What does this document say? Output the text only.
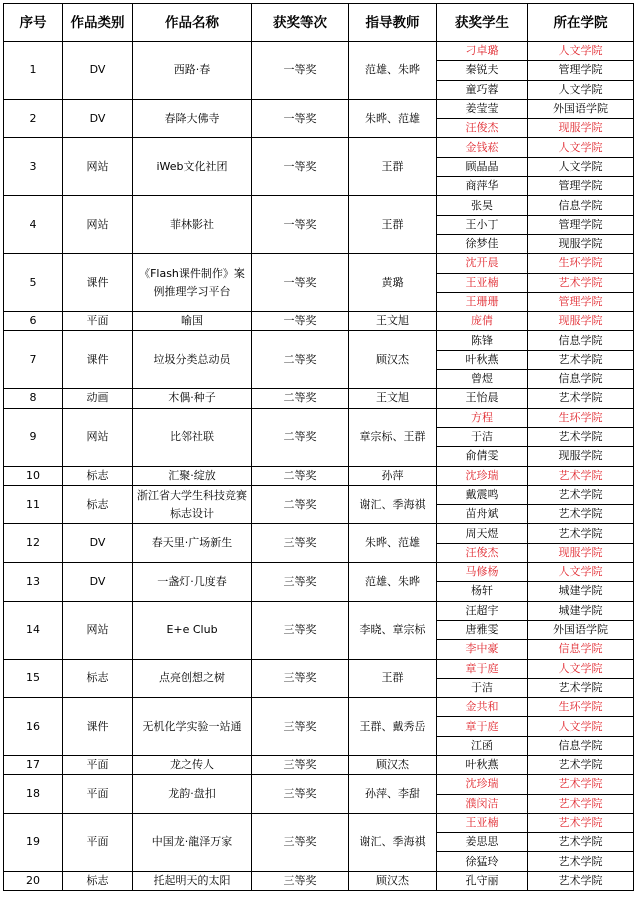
序号	作品类别	作品名称	获奖等次	指导教师	获奖学生	所在学院
1	DV	西路·春	一等奖	范雄、朱晔	刁卓璐	人文学院
					秦锐夫	管理学院
					童巧蓉	人文学院
2	DV	春降大佛寺	一等奖	朱晔、范雄	姜莹莹	外国语学院
					汪俊杰	现服学院
3	网站	iWeb文化社团	一等奖	王群	金钱菘	人文学院
					顾晶晶	人文学院
					商萍华	管理学院
4	网站	菲林影社	一等奖	王群	张昊	信息学院
					王小丁	管理学院
					徐梦佳	现服学院
5	课件	《Flash课件制作》案例推理学习平台	一等奖	黄璐	沈开晨	生环学院
					王亚楠	艺术学院
					王珊珊	管理学院
6	平面	喻国	一等奖	王文旭	庞倩	现服学院
7	课件	垃圾分类总动员	二等奖	顾汉杰	陈锋	信息学院
					叶秋燕	艺术学院
					曾煜	信息学院
8	动画	木偶·种子	二等奖	王文旭	王怡晨	艺术学院
9	网站	比邻社联	二等奖	章宗标、王群	方程	生环学院
					于洁	艺术学院
					俞倩雯	现服学院
10	标志	汇聚·绽放	二等奖	孙萍	沈珍瑞	艺术学院
11	标志	浙江省大学生科技竞赛标志设计	二等奖	谢汇、季海祺	戴震鸣	艺术学院
					苗舟斌	艺术学院
12	DV	春天里·广场新生	三等奖	朱晔、范雄	周天煜	艺术学院
					汪俊杰	现服学院
13	DV	一盏灯·几度春	三等奖	范雄、朱晔	马修杨	人文学院
					杨轩	城建学院
14	网站	E+e Club	三等奖	李晓、章宗标	汪超宇	城建学院
					唐雅雯	外国语学院
					李中豪	信息学院
15	标志	点亮创想之树	三等奖	王群	章于庭	人文学院
					于洁	艺术学院
16	课件	无机化学实验一站通	三等奖	王群、戴秀岳	金共和	生环学院
					章于庭	人文学院
					江函	信息学院
17	平面	龙之传人	三等奖	顾汉杰	叶秋燕	艺术学院
18	平面	龙韵·盘扣	三等奖	孙萍、李甜	沈珍瑞	艺术学院
					濮闵洁	艺术学院
19	平面	中国龙·龍泽万家	三等奖	谢汇、季海祺	王亚楠	艺术学院
					姜思思	艺术学院
					徐猛玲	艺术学院
20	标志	托起明天的太阳	三等奖	顾汉杰	孔守丽	艺术学院
